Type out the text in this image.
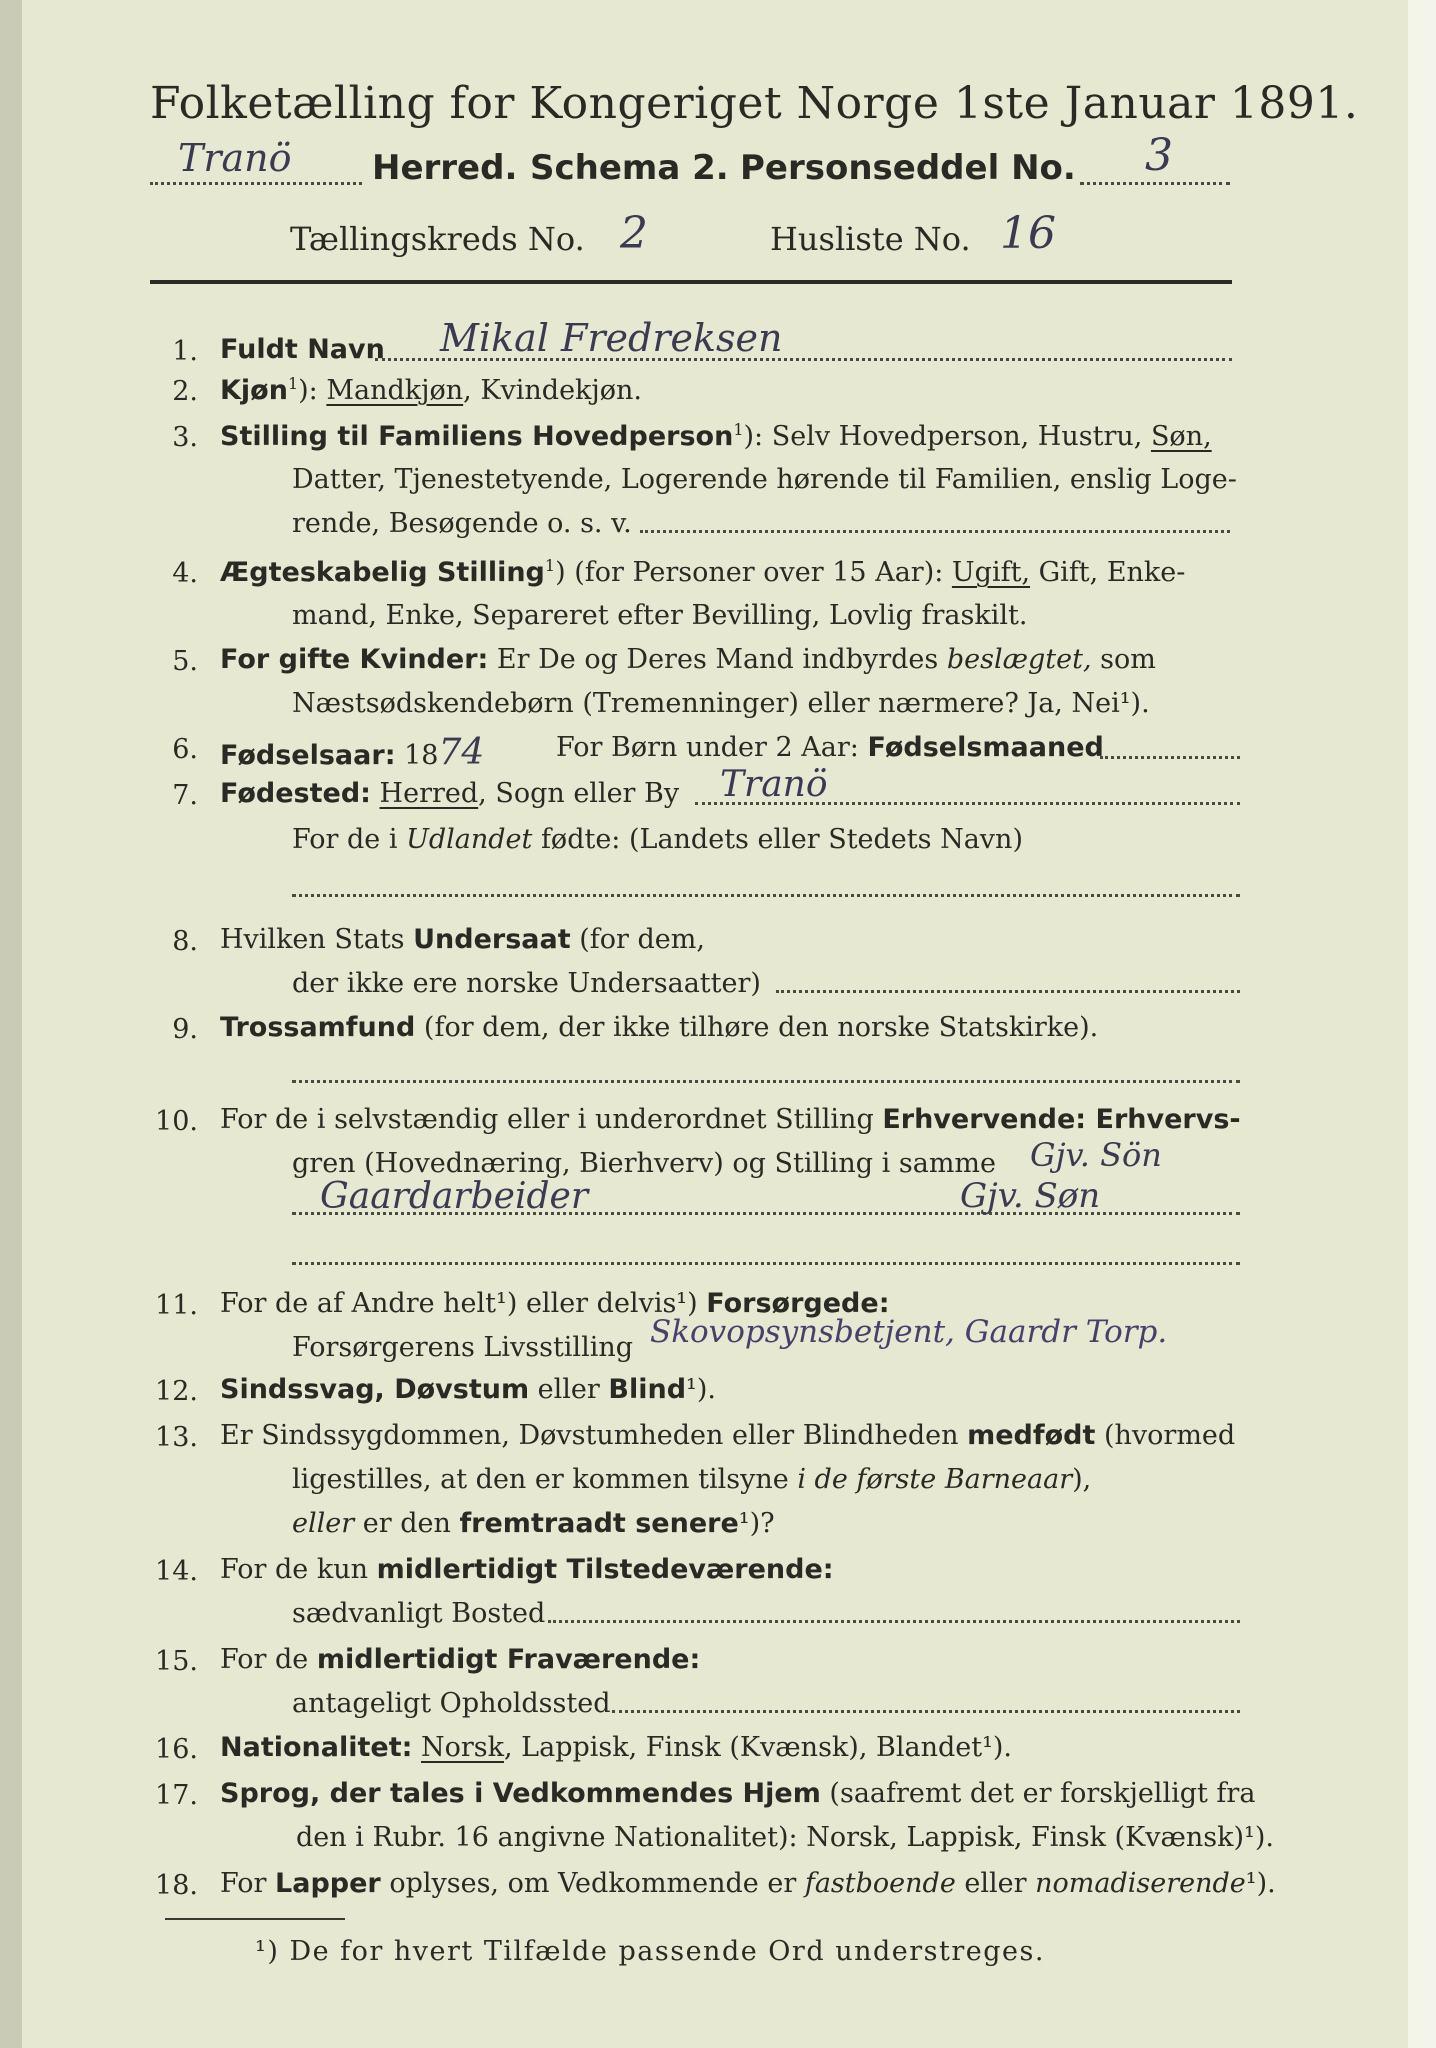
Folketælling for Kongeriget Norge 1ste Januar 1891.
Tranö Herred. Schema 2. Personseddel No. 3
Tællingskreds No. 2	Husliste No. 16
1. Fuldt Navn Mikal Fredreksen
2. Kjøn$^1$): Mandkjøn, Kvindekjøn.
3. Stilling til Familiens Hovedperson$^1$): Selv Hovedperson, Hustru, Søn,
Datter, Tjenestetyende, Logerende hørende til Familien, enslig Loge-
rende, Besøgende o. s. v.
4. Ægteskabelig Stilling$^1$) (for Personer over 15 Aar): Ugift, Gift, Enke-
mand, Enke, Separeret efter Bevilling, Lovlig fraskilt.
5. For gifte Kvinder: Er De og Deres Mand indbyrdes beslægtet, som
Næstsødskendebørn (Tremenninger) eller nærmere? Ja, Nei¹).
6. Fødselsaar: 1874	For Børn under 2 Aar: Fødselsmaaned
7. Fødested: Herred, Sogn eller By Tranö
For de i Udlandet fødte: (Landets eller Stedets Navn)
8. Hvilken Stats Undersaat (for dem,
der ikke ere norske Undersaatter)
9. Trossamfund (for dem, der ikke tilhøre den norske Statskirke).
10. For de i selvstændig eller i underordnet Stilling Erhvervende: Erhvervs-
gren (Hovednæring, Bierhverv) og Stilling i samme Gjv. Sön
Gaardarbeider	Gjv. Søn
11. For de af Andre helt¹) eller delvis¹) Forsørgede:
Forsørgerens Livsstilling Skovopsynsbetjent, Gaardr Torp.
12. Sindssvag, Døvstum eller Blind¹).
13. Er Sindssygdommen, Døvstumheden eller Blindheden medfødt (hvormed
ligestilles, at den er kommen tilsyne i de første Barneaar),
eller er den fremtraadt senere¹)?
14. For de kun midlertidigt Tilstedeværende:
sædvanligt Bosted
15. For de midlertidigt Fraværende:
antageligt Opholdssted
16. Nationalitet: Norsk, Lappisk, Finsk (Kvænsk), Blandet¹).
17. Sprog, der tales i Vedkommendes Hjem (saafremt det er forskjelligt fra
den i Rubr. 16 angivne Nationalitet): Norsk, Lappisk, Finsk (Kvænsk)¹).
18. For Lapper oplyses, om Vedkommende er fastboende eller nomadiserende¹).
¹) De for hvert Tilfælde passende Ord understreges.
